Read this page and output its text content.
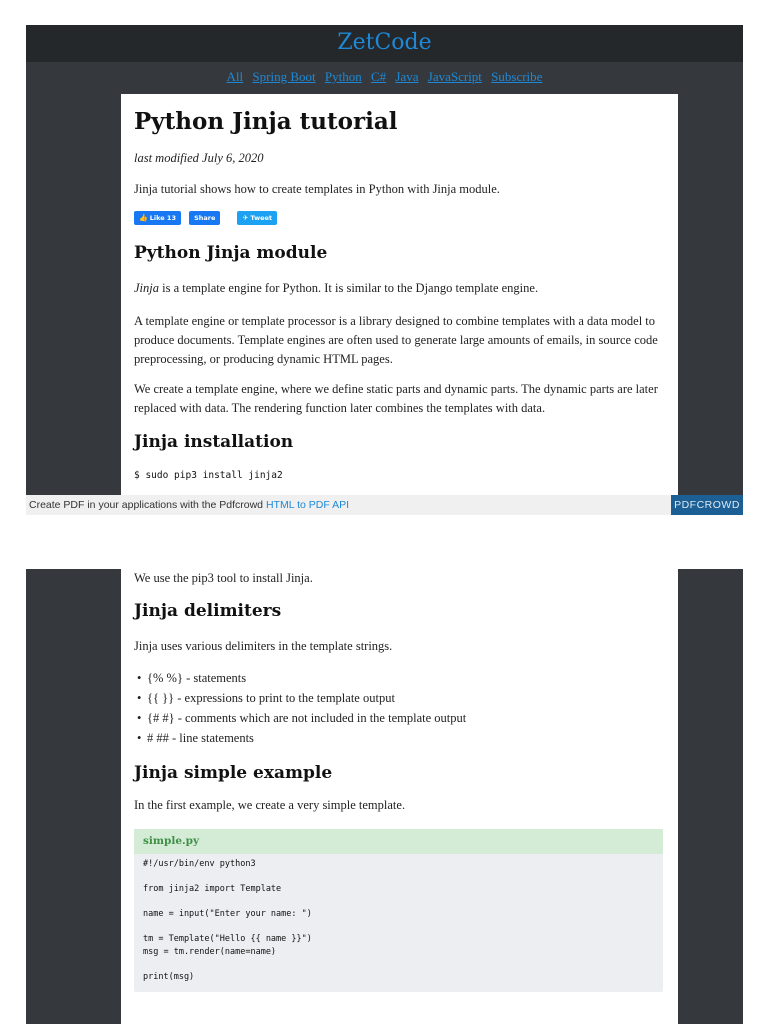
ZetCode
All Spring Boot Python C# Java JavaScript Subscribe
Python Jinja tutorial

last modified July 6, 2020

Jinja tutorial shows how to create templates in Python with Jinja module.

👍 Like 13	Share	✈ Tweet
Python Jinja module

Jinja is a template engine for Python. It is similar to the Django template engine.

A template engine or template processor is a library designed to combine templates with a data model to produce documents. Template engines are often used to generate large amounts of emails, in source code preprocessing, or producing dynamic HTML pages.

We create a template engine, where we define static parts and dynamic parts. The dynamic parts are later replaced with data. The rendering function later combines the templates with data.

Jinja installation

$ sudo pip3 install jinja2

Create PDF in your applications with the Pdfcrowd HTML to PDF API	PDFCROWD

We use the pip3 tool to install Jinja.

Jinja delimiters

Jinja uses various delimiters in the template strings.

• {% %} - statements
• {{ }} - expressions to print to the template output
• {# #} - comments which are not included in the template output
• # ## - line statements
Jinja simple example

In the first example, we create a very simple template.

simple.py
#!/usr/bin/env python3
from jinja2 import Template
name = input("Enter your name: ")
tm = Template("Hello {{ name }}")
msg = tm.render(name=name)
print(msg)
